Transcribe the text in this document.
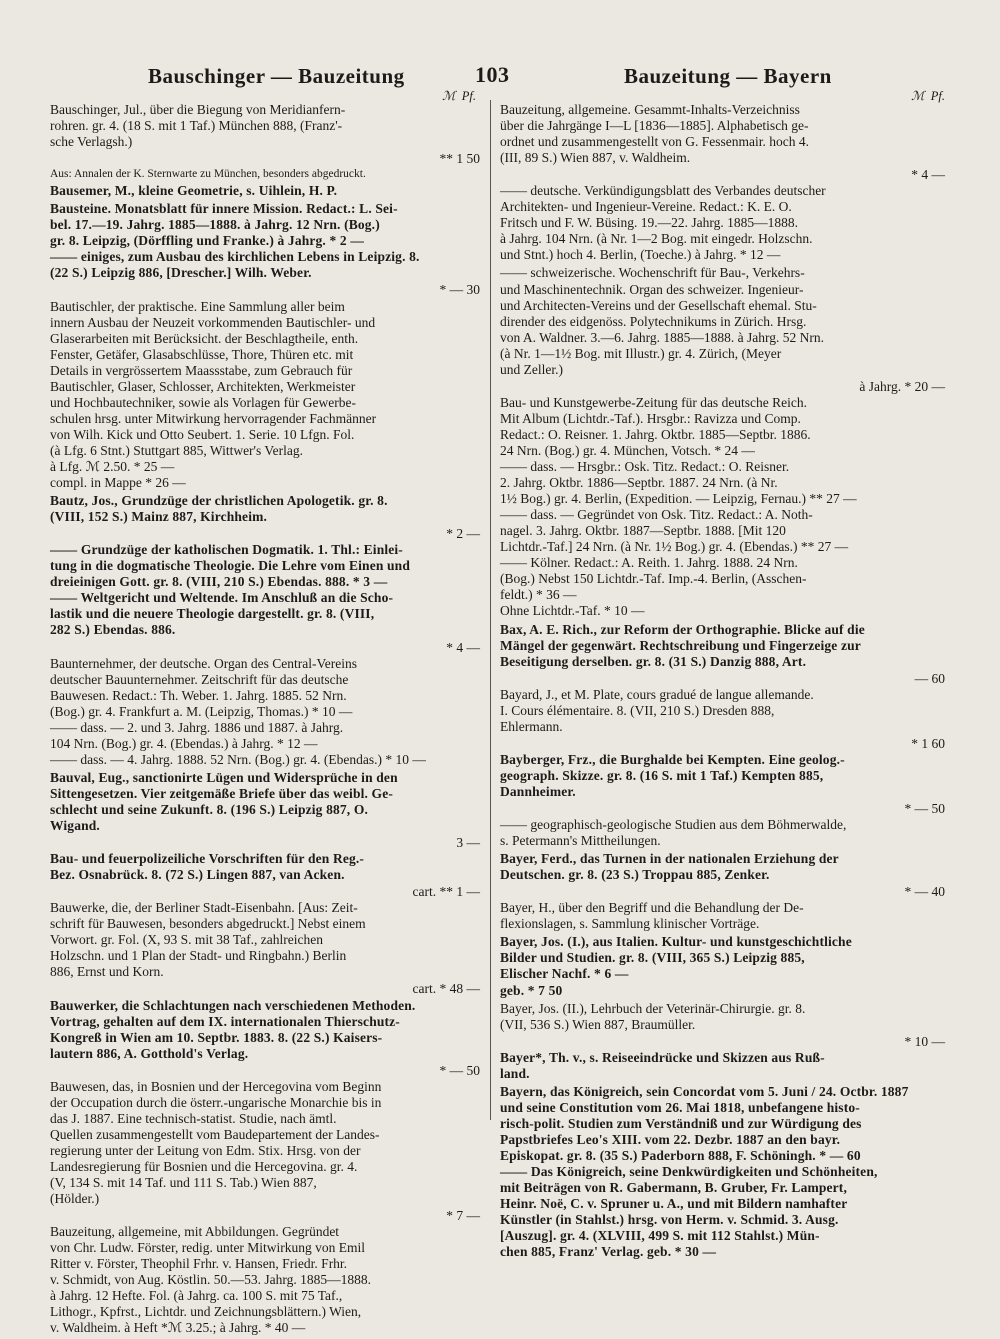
Bauschinger — Bauzeitung	103	Bauzeitung — Bayern
ℳ  Pf.
Bauschinger, Jul., über die Biegung von Meridianfern-
rohren. gr. 4. (18 S. mit 1 Taf.) München 888, (Franz'-
sche Verlagsh.)
** 1 50
Aus: Annalen der K. Sternwarte zu München, besonders abgedruckt.
Bausemer, M., kleine Geometrie, s. Uihlein, H. P.
Bausteine. Monatsblatt für innere Mission. Redact.: L. Sei-
bel. 17.—19. Jahrg. 1885—1888. à Jahrg. 12 Nrn. (Bog.)
gr. 8. Leipzig, (Dörffling und Franke.) à Jahrg. * 2 —
—— einiges, zum Ausbau des kirchlichen Lebens in Leipzig. 8.
(22 S.) Leipzig 886, [Drescher.] Wilh. Weber.
* — 30
Bautischler, der praktische. Eine Sammlung aller beim
innern Ausbau der Neuzeit vorkommenden Bautischler- und
Glaserarbeiten mit Berücksicht. der Beschlagtheile, enth.
Fenster, Getäfer, Glasabschlüsse, Thore, Thüren etc. mit
Details in vergrössertem Maassstabe, zum Gebrauch für
Bautischler, Glaser, Schlosser, Architekten, Werkmeister
und Hochbautechniker, sowie als Vorlagen für Gewerbe-
schulen hrsg. unter Mitwirkung hervorragender Fachmänner
von Wilh. Kick und Otto Seubert. 1. Serie. 10 Lfgn. Fol.
(à Lfg. 6 Stnt.) Stuttgart 885, Wittwer's Verlag.
à Lfg. ℳ 2.50. * 25 —
compl. in Mappe * 26 —
Bautz, Jos., Grundzüge der christlichen Apologetik. gr. 8.
(VIII, 152 S.) Mainz 887, Kirchheim.
* 2 —
—— Grundzüge der katholischen Dogmatik. 1. Thl.: Einlei-
tung in die dogmatische Theologie. Die Lehre vom Einen und
dreieinigen Gott. gr. 8. (VIII, 210 S.) Ebendas. 888. * 3 —
—— Weltgericht und Weltende. Im Anschluß an die Scho-
lastik und die neuere Theologie dargestellt. gr. 8. (VIII,
282 S.) Ebendas. 886.
* 4 —
Baunternehmer, der deutsche. Organ des Central-Vereins
deutscher Bauunternehmer. Zeitschrift für das deutsche
Bauwesen. Redact.: Th. Weber. 1. Jahrg. 1885. 52 Nrn.
(Bog.) gr. 4. Frankfurt a. M. (Leipzig, Thomas.) * 10 —
—— dass. — 2. und 3. Jahrg. 1886 und 1887. à Jahrg.
104 Nrn. (Bog.) gr. 4. (Ebendas.) à Jahrg. * 12 —
—— dass. — 4. Jahrg. 1888. 52 Nrn. (Bog.) gr. 4. (Ebendas.) * 10 —
Bauval, Eug., sanctionirte Lügen und Widersprüche in den
Sittengesetzen. Vier zeitgemäße Briefe über das weibl. Ge-
schlecht und seine Zukunft. 8. (196 S.) Leipzig 887, O.
Wigand.
3 —
Bau- und feuerpolizeiliche Vorschriften für den Reg.-
Bez. Osnabrück. 8. (72 S.) Lingen 887, van Acken.
cart. ** 1 —
Bauwerke, die, der Berliner Stadt-Eisenbahn. [Aus: Zeit-
schrift für Bauwesen, besonders abgedruckt.] Nebst einem
Vorwort. gr. Fol. (X, 93 S. mit 38 Taf., zahlreichen
Holzschn. und 1 Plan der Stadt- und Ringbahn.) Berlin
886, Ernst und Korn.
cart. * 48 —
Bauwerker, die Schlachtungen nach verschiedenen Methoden.
Vortrag, gehalten auf dem IX. internationalen Thierschutz-
Kongreß in Wien am 10. Septbr. 1883. 8. (22 S.) Kaisers-
lautern 886, A. Gotthold's Verlag.
* — 50
Bauwesen, das, in Bosnien und der Hercegovina vom Beginn
der Occupation durch die österr.-ungarische Monarchie bis in
das J. 1887. Eine technisch-statist. Studie, nach ämtl.
Quellen zusammengestellt vom Baudepartement der Landes-
regierung unter der Leitung von Edm. Stix. Hrsg. von der
Landesregierung für Bosnien und die Hercegovina. gr. 4.
(V, 134 S. mit 14 Taf. und 111 S. Tab.) Wien 887,
(Hölder.)
* 7 —
Bauzeitung, allgemeine, mit Abbildungen. Gegründet
von Chr. Ludw. Förster, redig. unter Mitwirkung von Emil
Ritter v. Förster, Theophil Frhr. v. Hansen, Friedr. Frhr.
v. Schmidt, von Aug. Köstlin. 50.—53. Jahrg. 1885—1888.
à Jahrg. 12 Hefte. Fol. (à Jahrg. ca. 100 S. mit 75 Taf.,
Lithogr., Kpfrst., Lichtdr. und Zeichnungsblättern.) Wien,
v. Waldheim. à Heft *ℳ 3.25.; à Jahrg. * 40 —
ℳ  Pf.
Bauzeitung, allgemeine. Gesammt-Inhalts-Verzeichniss
über die Jahrgänge I—L [1836—1885]. Alphabetisch ge-
ordnet und zusammengestellt von G. Fessenmair. hoch 4.
(III, 89 S.) Wien 887, v. Waldheim.
* 4 —
—— deutsche. Verkündigungsblatt des Verbandes deutscher
Architekten- und Ingenieur-Vereine. Redact.: K. E. O.
Fritsch und F. W. Büsing. 19.—22. Jahrg. 1885—1888.
à Jahrg. 104 Nrn. (à Nr. 1—2 Bog. mit eingedr. Holzschn.
und Stnt.) hoch 4. Berlin, (Toeche.) à Jahrg. * 12 —
—— schweizerische. Wochenschrift für Bau-, Verkehrs-
und Maschinentechnik. Organ des schweizer. Ingenieur-
und Architecten-Vereins und der Gesellschaft ehemal. Stu-
dirender des eidgenöss. Polytechnikums in Zürich. Hrsg.
von A. Waldner. 3.—6. Jahrg. 1885—1888. à Jahrg. 52 Nrn.
(à Nr. 1—1½ Bog. mit Illustr.) gr. 4. Zürich, (Meyer
und Zeller.)
à Jahrg. * 20 —
Bau- und Kunstgewerbe-Zeitung für das deutsche Reich.
Mit Album (Lichtdr.-Taf.). Hrsgbr.: Ravizza und Comp.
Redact.: O. Reisner. 1. Jahrg. Oktbr. 1885—Septbr. 1886.
24 Nrn. (Bog.) gr. 4. München, Votsch. * 24 —
—— dass. — Hrsgbr.: Osk. Titz. Redact.: O. Reisner.
2. Jahrg. Oktbr. 1886—Septbr. 1887. 24 Nrn. (à Nr.
1½ Bog.) gr. 4. Berlin, (Expedition. — Leipzig, Fernau.) ** 27 —
—— dass. — Gegründet von Osk. Titz. Redact.: A. Noth-
nagel. 3. Jahrg. Oktbr. 1887—Septbr. 1888. [Mit 120
Lichtdr.-Taf.] 24 Nrn. (à Nr. 1½ Bog.) gr. 4. (Ebendas.) ** 27 —
—— Kölner. Redact.: A. Reith. 1. Jahrg. 1888. 24 Nrn.
(Bog.) Nebst 150 Lichtdr.-Taf. Imp.-4. Berlin, (Asschen-
feldt.) * 36 —
Ohne Lichtdr.-Taf. * 10 —
Bax, A. E. Rich., zur Reform der Orthographie. Blicke auf die
Mängel der gegenwärt. Rechtschreibung und Fingerzeige zur
Beseitigung derselben. gr. 8. (31 S.) Danzig 888, Art.
— 60
Bayard, J., et M. Plate, cours gradué de langue allemande.
I. Cours élémentaire. 8. (VII, 210 S.) Dresden 888,
Ehlermann.
* 1 60
Bayberger, Frz., die Burghalde bei Kempten. Eine geolog.-
geograph. Skizze. gr. 8. (16 S. mit 1 Taf.) Kempten 885,
Dannheimer.
* — 50
—— geographisch-geologische Studien aus dem Böhmerwalde,
s. Petermann's Mittheilungen.
Bayer, Ferd., das Turnen in der nationalen Erziehung der
Deutschen. gr. 8. (23 S.) Troppau 885, Zenker.
* — 40
Bayer, H., über den Begriff und die Behandlung der De-
flexionslagen, s. Sammlung klinischer Vorträge.
Bayer, Jos. (I.), aus Italien. Kultur- und kunstgeschichtliche
Bilder und Studien. gr. 8. (VIII, 365 S.) Leipzig 885,
Elischer Nachf. * 6 —
geb. * 7 50
Bayer, Jos. (II.), Lehrbuch der Veterinär-Chirurgie. gr. 8.
(VII, 536 S.) Wien 887, Braumüller.
* 10 —
Bayer*, Th. v., s. Reiseeindrücke und Skizzen aus Ruß-
land.
Bayern, das Königreich, sein Concordat vom 5. Juni / 24. Octbr. 1887
und seine Constitution vom 26. Mai 1818, unbefangene histo-
risch-polit. Studien zum Verständniß und zur Würdigung des
Papstbriefes Leo's XIII. vom 22. Dezbr. 1887 an den bayr.
Episkopat. gr. 8. (35 S.) Paderborn 888, F. Schöningh. * — 60
—— Das Königreich, seine Denkwürdigkeiten und Schönheiten,
mit Beiträgen von R. Gabermann, B. Gruber, Fr. Lampert,
Heinr. Noë, C. v. Spruner u. A., und mit Bildern namhafter
Künstler (in Stahlst.) hrsg. von Herm. v. Schmid. 3. Ausg.
[Auszug]. gr. 4. (XLVIII, 499 S. mit 112 Stahlst.) Mün-
chen 885, Franz' Verlag. geb. * 30 —
